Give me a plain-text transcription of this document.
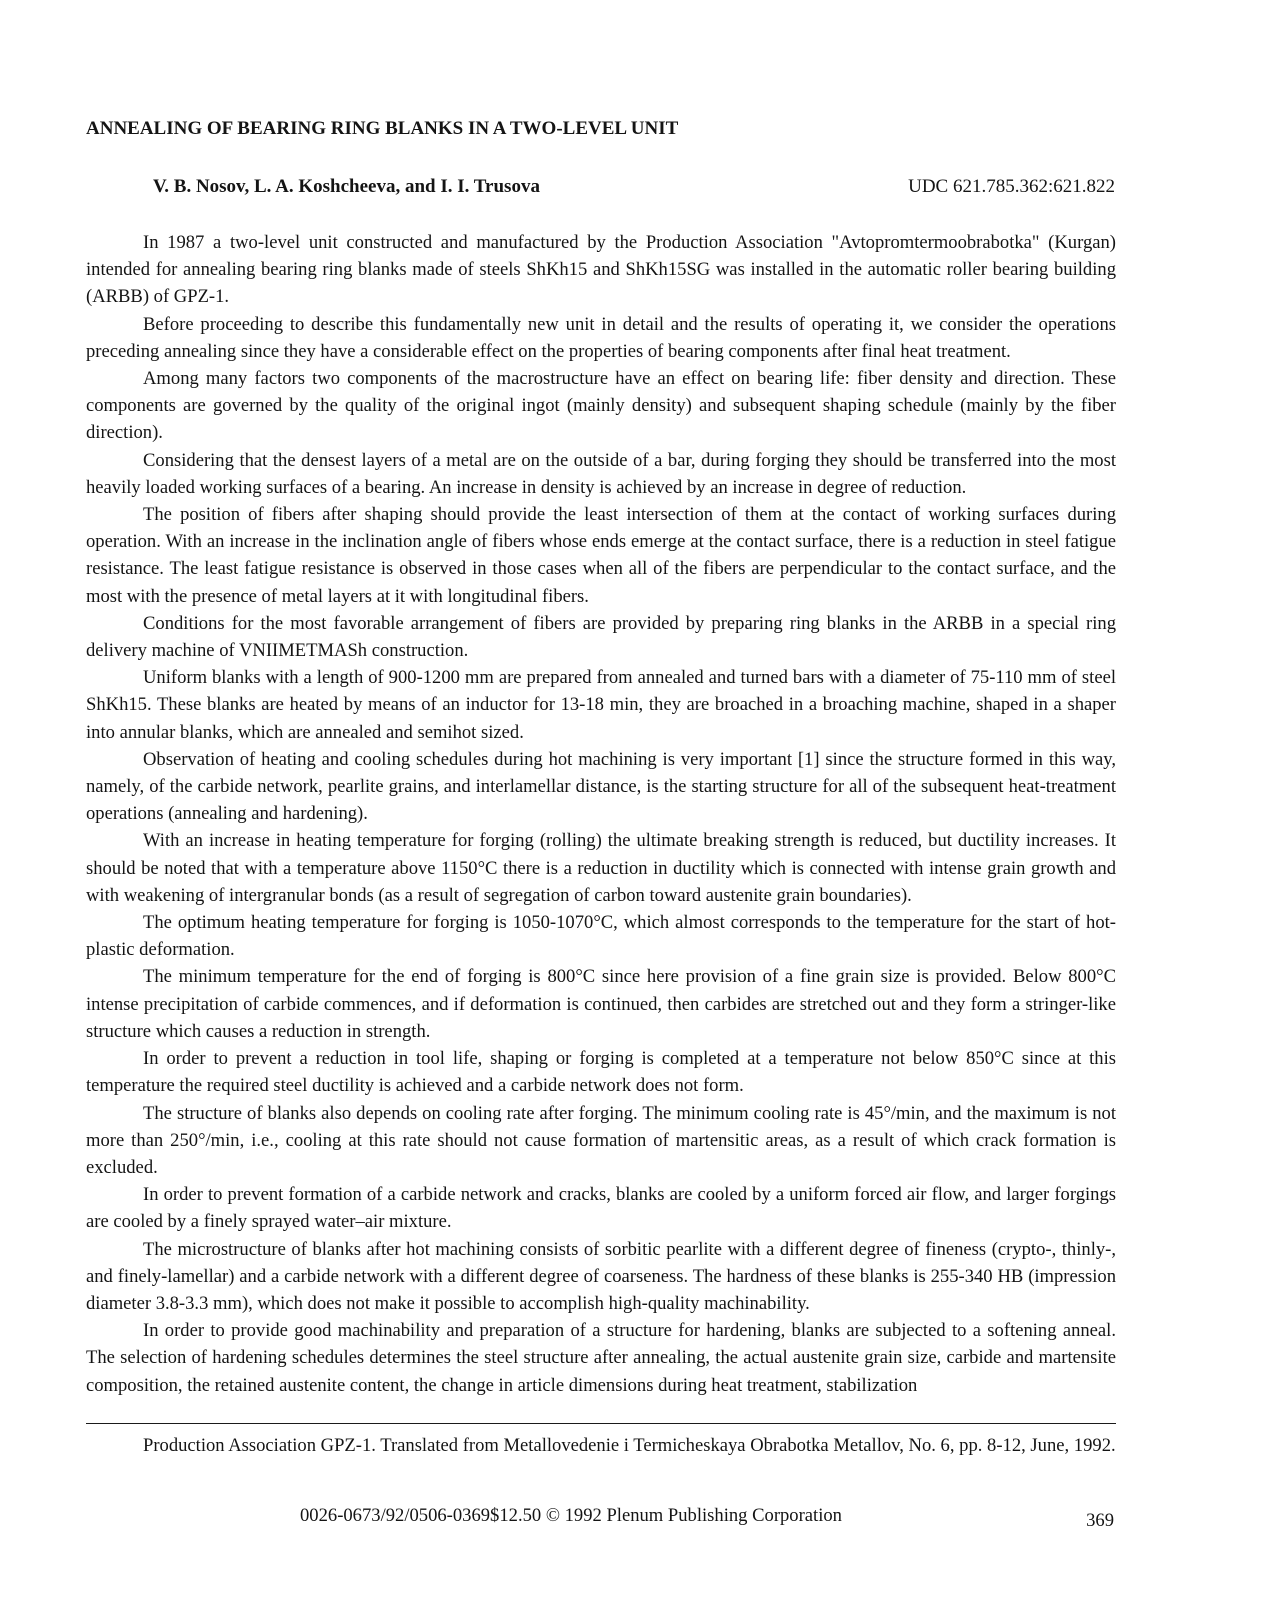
ANNEALING OF BEARING RING BLANKS IN A TWO-LEVEL UNIT

V. B. Nosov, L. A. Koshcheeva, and I. I. Trusova	UDC 621.785.362:621.822

In 1987 a two-level unit constructed and manufactured by the Production Association "Avtopromtermoobrabotka" (Kurgan) intended for annealing bearing ring blanks made of steels ShKh15 and ShKh15SG was installed in the automatic roller bearing building (ARBB) of GPZ-1.

Before proceeding to describe this fundamentally new unit in detail and the results of operating it, we consider the operations preceding annealing since they have a considerable effect on the properties of bearing components after final heat treatment.

Among many factors two components of the macrostructure have an effect on bearing life: fiber density and direction. These components are governed by the quality of the original ingot (mainly density) and subsequent shaping schedule (mainly by the fiber direction).

Considering that the densest layers of a metal are on the outside of a bar, during forging they should be transferred into the most heavily loaded working surfaces of a bearing. An increase in density is achieved by an increase in degree of reduction.

The position of fibers after shaping should provide the least intersection of them at the contact of working surfaces during operation. With an increase in the inclination angle of fibers whose ends emerge at the contact surface, there is a reduction in steel fatigue resistance. The least fatigue resistance is observed in those cases when all of the fibers are perpendicular to the contact surface, and the most with the presence of metal layers at it with longitudinal fibers.

Conditions for the most favorable arrangement of fibers are provided by preparing ring blanks in the ARBB in a special ring delivery machine of VNIIMETMASh construction.

Uniform blanks with a length of 900-1200 mm are prepared from annealed and turned bars with a diameter of 75-110 mm of steel ShKh15. These blanks are heated by means of an inductor for 13-18 min, they are broached in a broaching machine, shaped in a shaper into annular blanks, which are annealed and semihot sized.

Observation of heating and cooling schedules during hot machining is very important [1] since the structure formed in this way, namely, of the carbide network, pearlite grains, and interlamellar distance, is the starting structure for all of the subsequent heat-treatment operations (annealing and hardening).

With an increase in heating temperature for forging (rolling) the ultimate breaking strength is reduced, but ductility increases. It should be noted that with a temperature above 1150°C there is a reduction in ductility which is connected with intense grain growth and with weakening of intergranular bonds (as a result of segregation of carbon toward austenite grain boundaries).

The optimum heating temperature for forging is 1050-1070°C, which almost corresponds to the temperature for the start of hot-plastic deformation.

The minimum temperature for the end of forging is 800°C since here provision of a fine grain size is provided. Below 800°C intense precipitation of carbide commences, and if deformation is continued, then carbides are stretched out and they form a stringer-like structure which causes a reduction in strength.

In order to prevent a reduction in tool life, shaping or forging is completed at a temperature not below 850°C since at this temperature the required steel ductility is achieved and a carbide network does not form.

The structure of blanks also depends on cooling rate after forging. The minimum cooling rate is 45°/min, and the maximum is not more than 250°/min, i.e., cooling at this rate should not cause formation of martensitic areas, as a result of which crack formation is excluded.

In order to prevent formation of a carbide network and cracks, blanks are cooled by a uniform forced air flow, and larger forgings are cooled by a finely sprayed water–air mixture.

The microstructure of blanks after hot machining consists of sorbitic pearlite with a different degree of fineness (crypto-, thinly-, and finely-lamellar) and a carbide network with a different degree of coarseness. The hardness of these blanks is 255-340 HB (impression diameter 3.8-3.3 mm), which does not make it possible to accomplish high-quality machinability.

In order to provide good machinability and preparation of a structure for hardening, blanks are subjected to a softening anneal. The selection of hardening schedules determines the steel structure after annealing, the actual austenite grain size, carbide and martensite composition, the retained austenite content, the change in article dimensions during heat treatment, stabilization

Production Association GPZ-1. Translated from Metallovedenie i Termicheskaya Obrabotka Metallov, No. 6, pp. 8-12, June, 1992.

0026-0673/92/0506-0369$12.50 © 1992 Plenum Publishing Corporation	369
